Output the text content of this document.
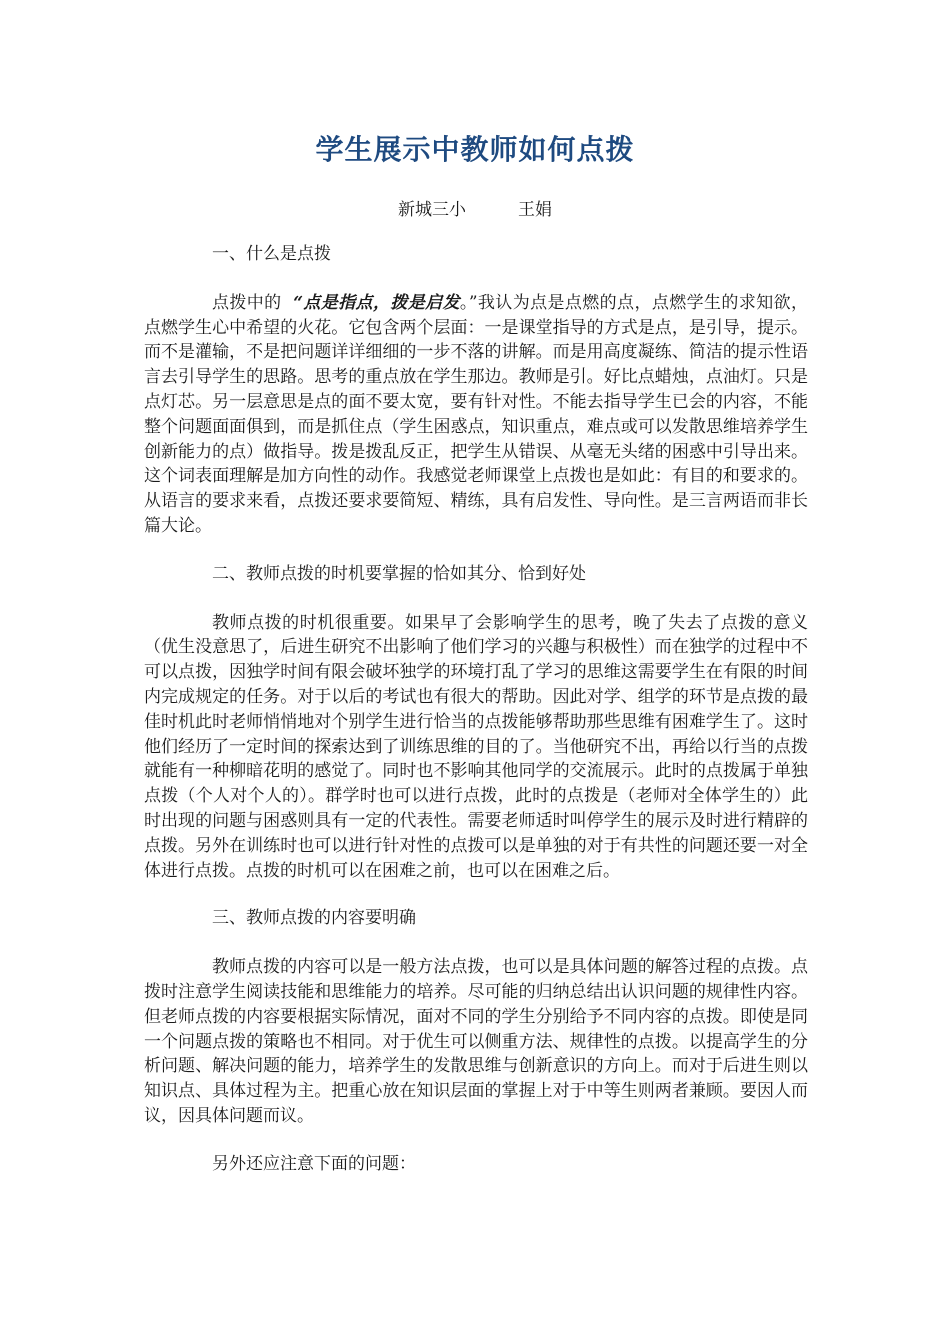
学生展示中教师如何点拨
新城三小	王娟

一、什么是点拨

点拨中的  “点是指点，拨是启发。”我认为点是点燃的点，点燃学生的求知欲，点燃学生心中希望的火花。它包含两个层面：一是课堂指导的方式是点，是引导，提示。而不是灌输，不是把问题详详细细的一步不落的讲解。而是用高度凝练、简洁的提示性语言去引导学生的思路。思考的重点放在学生那边。教师是引。好比点蜡烛，点油灯。只是点灯芯。另一层意思是点的面不要太宽，要有针对性。不能去指导学生已会的内容，不能整个问题面面俱到，而是抓住点（学生困惑点，知识重点，难点或可以发散思维培养学生创新能力的点）做指导。拨是拨乱反正，把学生从错误、从毫无头绪的困惑中引导出来。这个词表面理解是加方向性的动作。我感觉老师课堂上点拨也是如此：有目的和要求的。从语言的要求来看，点拨还要求要简短、精练，具有启发性、导向性。是三言两语而非长篇大论。

二、教师点拨的时机要掌握的恰如其分、恰到好处

教师点拨的时机很重要。如果早了会影响学生的思考，晚了失去了点拨的意义（优生没意思了，后进生研究不出影响了他们学习的兴趣与积极性）而在独学的过程中不可以点拨，因独学时间有限会破坏独学的环境打乱了学习的思维这需要学生在有限的时间内完成规定的任务。对于以后的考试也有很大的帮助。因此对学、组学的环节是点拨的最佳时机此时老师悄悄地对个别学生进行恰当的点拨能够帮助那些思维有困难学生了。这时他们经历了一定时间的探索达到了训练思维的目的了。当他研究不出，再给以行当的点拨就能有一种柳暗花明的感觉了。同时也不影响其他同学的交流展示。此时的点拨属于单独点拨（个人对个人的）。群学时也可以进行点拨，此时的点拨是（老师对全体学生的）此时出现的问题与困惑则具有一定的代表性。需要老师适时叫停学生的展示及时进行精辟的点拨。另外在训练时也可以进行针对性的点拨可以是单独的对于有共性的问题还要一对全体进行点拨。点拨的时机可以在困难之前，也可以在困难之后。

三、教师点拨的内容要明确

教师点拨的内容可以是一般方法点拨，也可以是具体问题的解答过程的点拨。点拨时注意学生阅读技能和思维能力的培养。尽可能的归纳总结出认识问题的规律性内容。但老师点拨的内容要根据实际情况，面对不同的学生分别给予不同内容的点拨。即使是同一个问题点拨的策略也不相同。对于优生可以侧重方法、规律性的点拨。以提高学生的分析问题、解决问题的能力，培养学生的发散思维与创新意识的方向上。而对于后进生则以知识点、具体过程为主。把重心放在知识层面的掌握上对于中等生则两者兼顾。要因人而议，因具体问题而议。

另外还应注意下面的问题：
